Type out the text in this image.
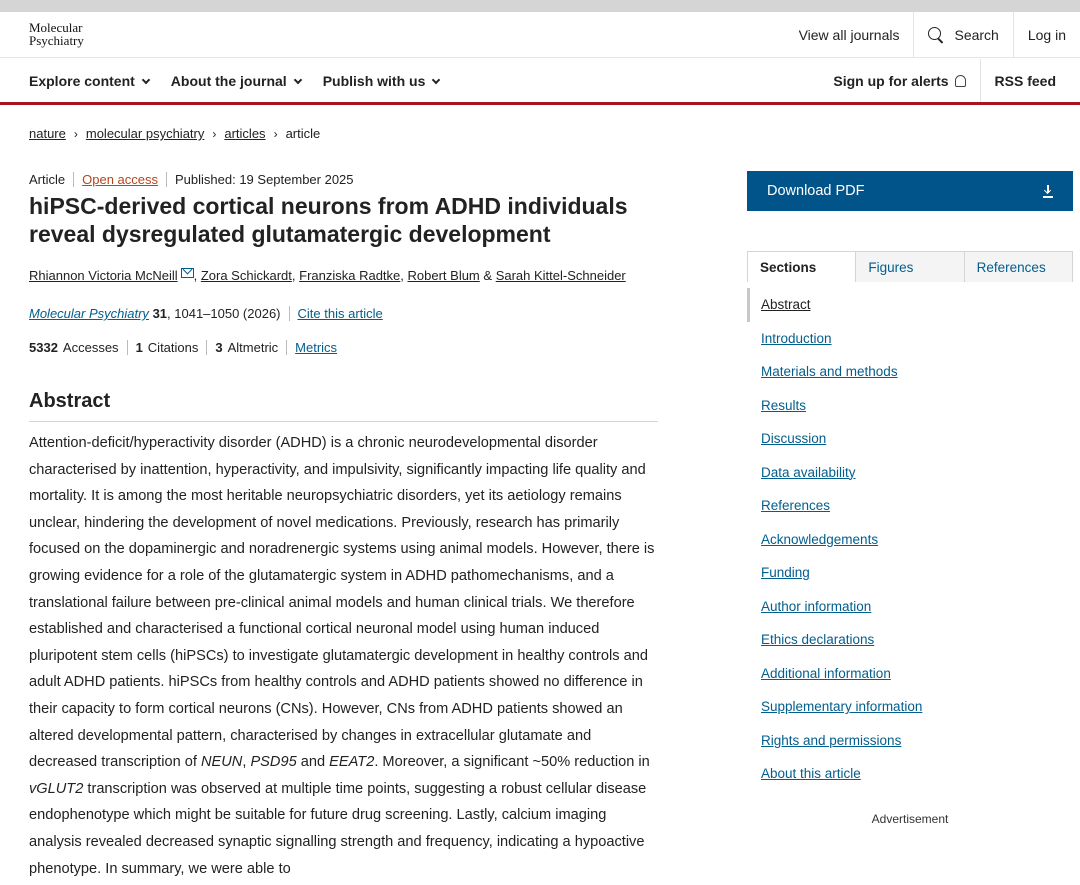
Molecular
Psychiatry	View all journals	Search Log in
Explore content	About the journal	Publish with us	Sign up for alerts	RSS feed
nature › molecular psychiatry › articles › article
Article Open access Published: 19 September 2025
hiPSC-derived cortical neurons from ADHD individuals reveal dysregulated glutamatergic development
Rhiannon Victoria McNeill , Zora Schickardt , Franziska Radtke , Robert Blum
&
Sarah Kittel-Schneider
Molecular Psychiatry
31 , 1041–1050 (2026) Cite this article
5332 Accesses 1 Citations 3 Altmetric Metrics
Abstract

Attention-deficit/hyperactivity disorder (ADHD) is a chronic neurodevelopmental disorder characterised by inattention, hyperactivity, and impulsivity, significantly impacting life quality and mortality. It is among the most heritable neuropsychiatric disorders, yet its aetiology remains unclear, hindering the development of novel medications. Previously, research has primarily focused on the dopaminergic and noradrenergic systems using animal models. However, there is growing evidence for a role of the glutamatergic system in ADHD pathomechanisms, and a translational failure between pre-clinical animal models and human clinical trials. We therefore established and characterised a functional cortical neuronal model using human induced pluripotent stem cells (hiPSCs) to investigate glutamatergic development in healthy controls and adult ADHD patients. hiPSCs from healthy controls and ADHD patients showed no difference in their capacity to form cortical neurons (CNs). However, CNs from ADHD patients showed an altered developmental pattern, characterised by changes in extracellular glutamate and decreased transcription of NEUN, PSD95 and EEAT2. Moreover, a significant ~50% reduction in vGLUT2 transcription was observed at multiple time points, suggesting a robust cellular disease endophenotype which might be suitable for future drug screening. Lastly, calcium imaging analysis revealed decreased synaptic signalling strength and frequency, indicating a hypoactive phenotype. In summary, we were able to

Download PDF
Sections	Figures	References
Abstract
Introduction
Materials and methods
Results
Discussion
Data availability
References
Acknowledgements
Funding
Author information
Ethics declarations
Additional information
Supplementary information
Rights and permissions
About this article
Advertisement
